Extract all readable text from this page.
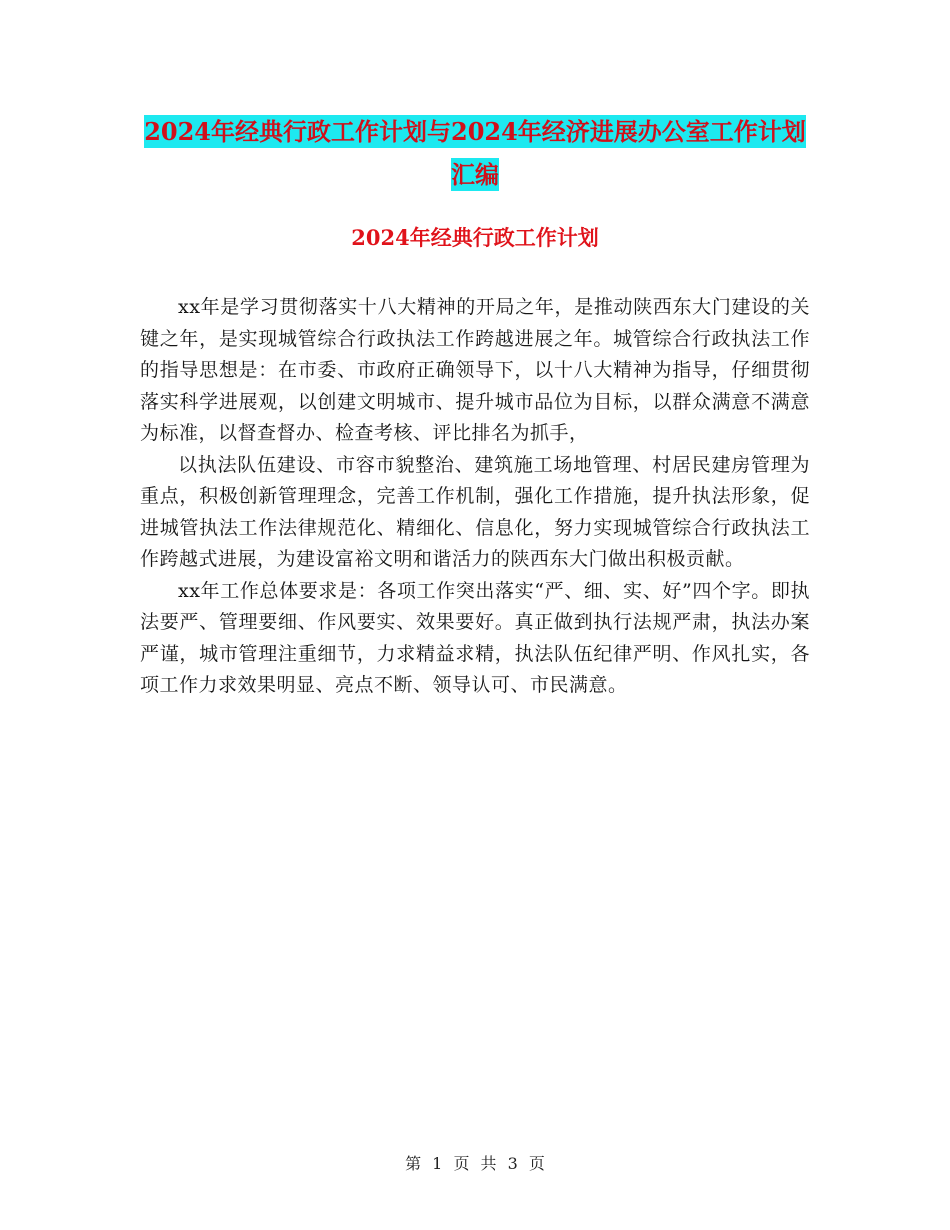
2024年经典行政工作计划与2024年经济进展办公室工作计划汇编
2024年经典行政工作计划

xx年是学习贯彻落实十八大精神的开局之年，是推动陕西东大门建设的关键之年，是实现城管综合行政执法工作跨越进展之年。城管综合行政执法工作的指导思想是：在市委、市政府正确领导下，以十八大精神为指导，仔细贯彻落实科学进展观，以创建文明城市、提升城市品位为目标，以群众满意不满意为标准，以督查督办、检查考核、评比排名为抓手，

以执法队伍建设、市容市貌整治、建筑施工场地管理、村居民建房管理为重点，积极创新管理理念，完善工作机制，强化工作措施，提升执法形象，促进城管执法工作法律规范化、精细化、信息化，努力实现城管综合行政执法工作跨越式进展，为建设富裕文明和谐活力的陕西东大门做出积极贡献。

xx年工作总体要求是：各项工作突出落实“严、细、实、好”四个字。即执法要严、管理要细、作风要实、效果要好。真正做到执行法规严肃，执法办案严谨，城市管理注重细节，力求精益求精，执法队伍纪律严明、作风扎实，各项工作力求效果明显、亮点不断、领导认可、市民满意。

第 1 页 共 3 页
